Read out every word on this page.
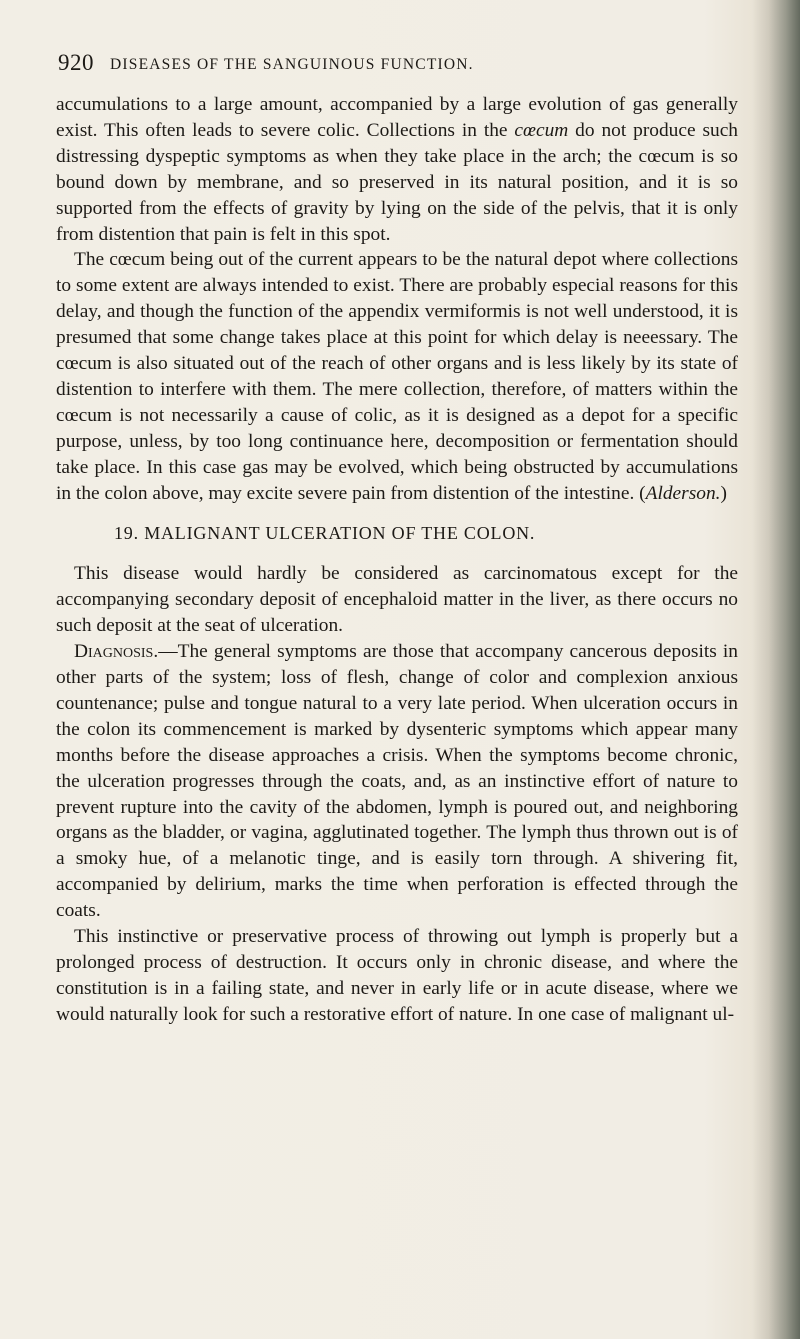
920 DISEASES OF THE SANGUINOUS FUNCTION.

accumulations to a large amount, accompanied by a large evolution of gas generally exist. This often leads to severe colic. Collections in the cœcum do not produce such distressing dyspeptic symptoms as when they take place in the arch; the cœcum is so bound down by membrane, and so preserved in its natural position, and it is so supported from the effects of gravity by lying on the side of the pelvis, that it is only from distention that pain is felt in this spot.

The cœcum being out of the current appears to be the natural depot where collections to some extent are always intended to exist. There are probably especial reasons for this delay, and though the function of the appendix vermiformis is not well understood, it is presumed that some change takes place at this point for which delay is neeessary. The cœcum is also situated out of the reach of other organs and is less likely by its state of distention to interfere with them. The mere collection, therefore, of matters within the cœcum is not necessarily a cause of colic, as it is designed as a depot for a specific purpose, unless, by too long continuance here, decomposition or fermentation should take place. In this case gas may be evolved, which being obstructed by accumulations in the colon above, may excite severe pain from distention of the intestine. (Alderson.)

19. MALIGNANT ULCERATION OF THE COLON.

This disease would hardly be considered as carcinomatous except for the accompanying secondary deposit of encephaloid matter in the liver, as there occurs no such deposit at the seat of ulceration.

Diagnosis.—The general symptoms are those that accompany cancerous deposits in other parts of the system; loss of flesh, change of color and complexion anxious countenance; pulse and tongue natural to a very late period. When ulceration occurs in the colon its commencement is marked by dysenteric symptoms which appear many months before the disease approaches a crisis. When the symptoms become chronic, the ulceration progresses through the coats, and, as an instinctive effort of nature to prevent rupture into the cavity of the abdomen, lymph is poured out, and neighboring organs as the bladder, or vagina, agglutinated together. The lymph thus thrown out is of a smoky hue, of a melanotic tinge, and is easily torn through. A shivering fit, accompanied by delirium, marks the time when perforation is effected through the coats.

This instinctive or preservative process of throwing out lymph is properly but a prolonged process of destruction. It occurs only in chronic disease, and where the constitution is in a failing state, and never in early life or in acute disease, where we would naturally look for such a restorative effort of nature. In one case of malignant ul-
